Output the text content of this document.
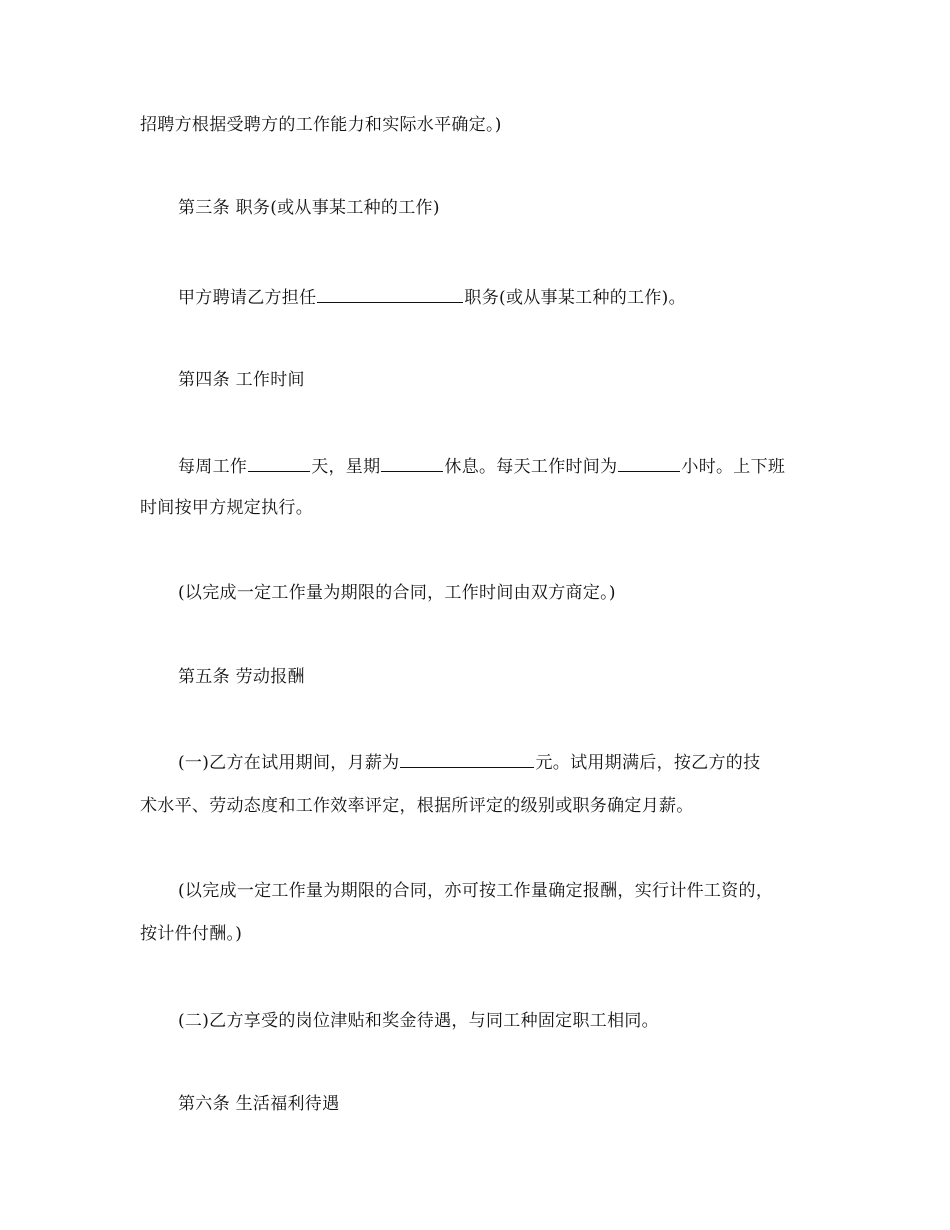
招聘方根据受聘方的工作能力和实际水平确定。)
第三条 职务(或从事某工种的工作)
甲方聘请乙方担任	职务(或从事某工种的工作)。
第四条 工作时间
每周工作	天，星期	休息。每天工作时间为	小时。上下班
时间按甲方规定执行。
(以完成一定工作量为期限的合同，工作时间由双方商定。)
第五条 劳动报酬
(一)乙方在试用期间，月薪为	元。试用期满后，按乙方的技
术水平、劳动态度和工作效率评定，根据所评定的级别或职务确定月薪。
(以完成一定工作量为期限的合同，亦可按工作量确定报酬，实行计件工资的，
按计件付酬。)
(二)乙方享受的岗位津贴和奖金待遇，与同工种固定职工相同。
第六条 生活福利待遇
